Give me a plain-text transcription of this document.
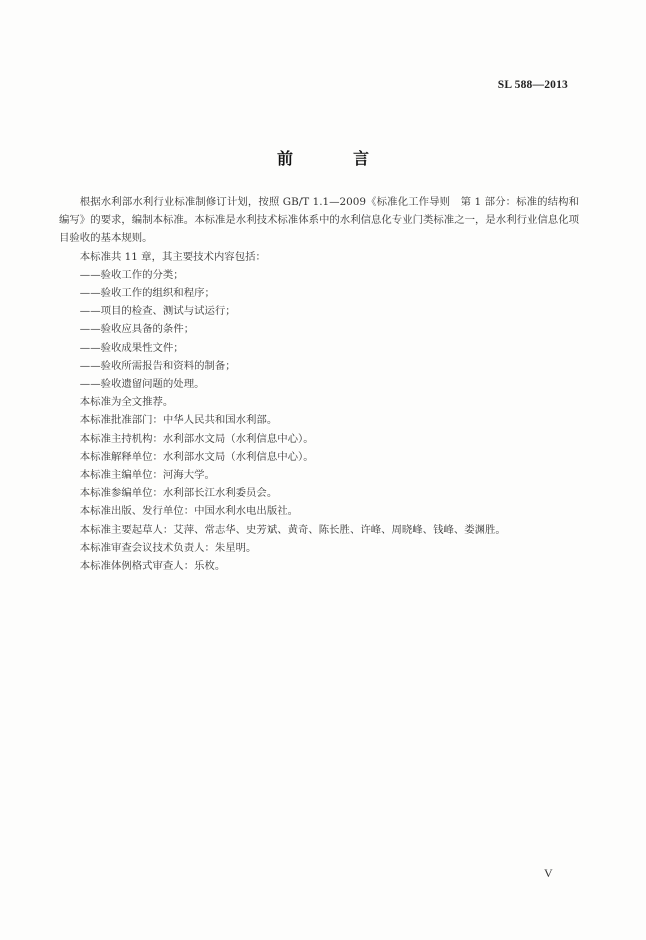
SL 588—2013
前　言

根据水利部水利行业标准制修订计划，按照 GB/T 1.1—2009《标准化工作导则　第 1 部分：标准的结构和编写》的要求，编制本标准。本标准是水利技术标准体系中的水利信息化专业门类标准之一，是水利行业信息化项目验收的基本规则。

本标准共 11 章，其主要技术内容包括：

——验收工作的分类；

——验收工作的组织和程序；

——项目的检查、测试与试运行；

——验收应具备的条件；

——验收成果性文件；

——验收所需报告和资料的制备；

——验收遗留问题的处理。

本标准为全文推荐。

本标准批准部门：中华人民共和国水利部。

本标准主持机构：水利部水文局（水利信息中心）。

本标准解释单位：水利部水文局（水利信息中心）。

本标准主编单位：河海大学。

本标准参编单位：水利部长江水利委员会。

本标准出版、发行单位：中国水利水电出版社。

本标准主要起草人：艾萍、常志华、史芳斌、黄奇、陈长胜、许峰、周晓峰、钱峰、娄渊胜。

本标准审查会议技术负责人：朱星明。

本标准体例格式审查人：乐枚。

V
